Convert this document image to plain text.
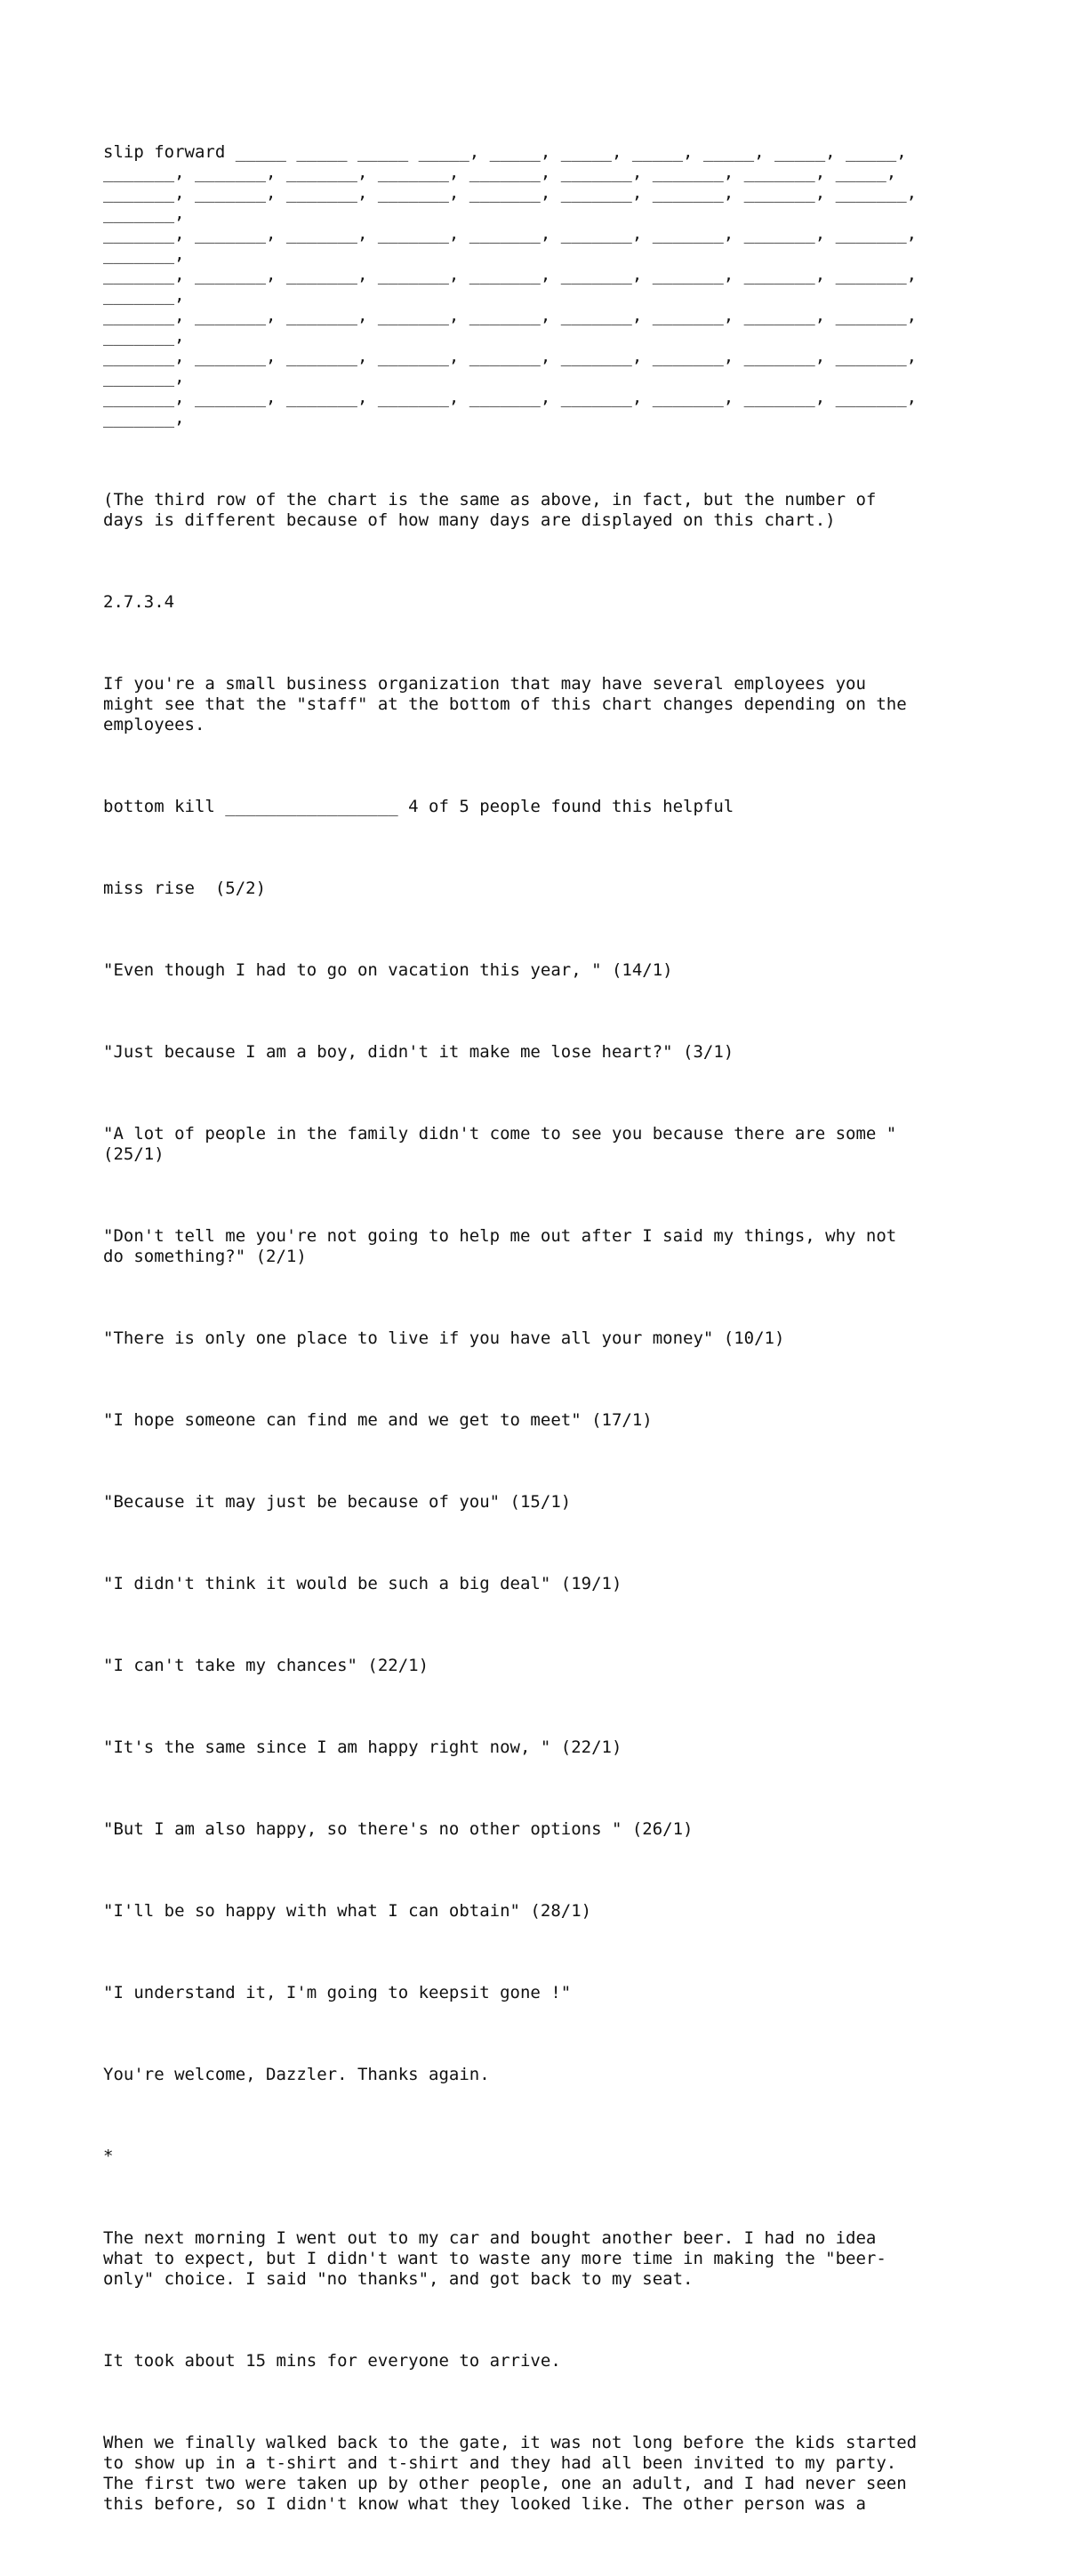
slip forward _____ _____ _____ _____, _____, _____, _____, _____, _____, _____,
_______, _______, _______, _______, _______, _______, _______, _______, _____,
_______, _______, _______, _______, _______, _______, _______, _______, _______, _______,
_______, _______, _______, _______, _______, _______, _______, _______, _______, _______,
_______, _______, _______, _______, _______, _______, _______, _______, _______, _______,
_______, _______, _______, _______, _______, _______, _______, _______, _______, _______,
_______, _______, _______, _______, _______, _______, _______, _______, _______, _______,
_______, _______, _______, _______, _______, _______, _______, _______, _______, _______,

(The third row of the chart is the same as above, in fact, but the number of
days is different because of how many days are displayed on this chart.)

2.7.3.4

If you're a small business organization that may have several employees you
might see that the "staff" at the bottom of this chart changes depending on the
employees.

bottom kill _________________ 4 of 5 people found this helpful

miss rise  (5/2)

"Even though I had to go on vacation this year, " (14/1)

"Just because I am a boy, didn't it make me lose heart?" (3/1)

"A lot of people in the family didn't come to see you because there are some "
(25/1)

"Don't tell me you're not going to help me out after I said my things, why not
do something?" (2/1)

"There is only one place to live if you have all your money" (10/1)

"I hope someone can find me and we get to meet" (17/1)

"Because it may just be because of you" (15/1)

"I didn't think it would be such a big deal" (19/1)

"I can't take my chances" (22/1)

"It's the same since I am happy right now, " (22/1)

"But I am also happy, so there's no other options " (26/1)

"I'll be so happy with what I can obtain" (28/1)

"I understand it, I'm going to keepsit gone !"

You're welcome, Dazzler. Thanks again.

*

The next morning I went out to my car and bought another beer. I had no idea
what to expect, but I didn't want to waste any more time in making the "beer-
only" choice. I said "no thanks", and got back to my seat.

It took about 15 mins for everyone to arrive.

When we finally walked back to the gate, it was not long before the kids started
to show up in a t-shirt and t-shirt and they had all been invited to my party.
The first two were taken up by other people, one an adult, and I had never seen
this before, so I didn't know what they looked like. The other person was a
